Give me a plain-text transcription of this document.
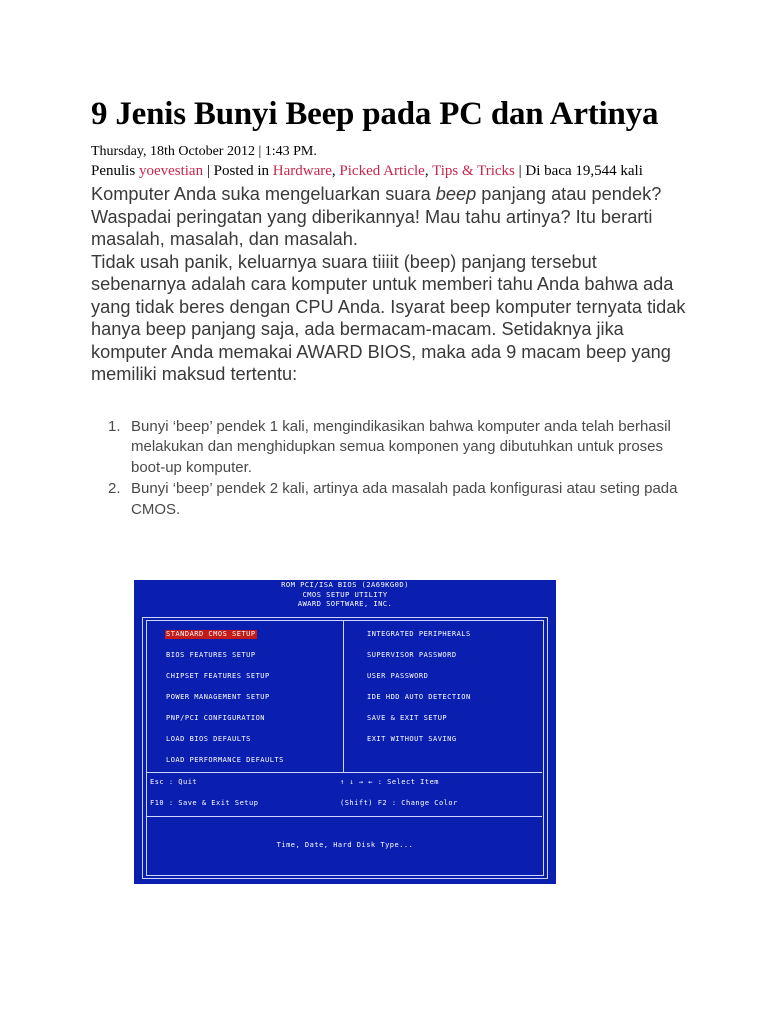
9 Jenis Bunyi Beep pada PC dan Artinya
Thursday, 18th October 2012 | 1:43 PM.
Penulis yoevestian | Posted in Hardware, Picked Article, Tips & Tricks | Di baca 19,544 kali

Komputer Anda suka mengeluarkan suara beep panjang atau pendek? Waspadai peringatan yang diberikannya! Mau tahu artinya? Itu berarti masalah, masalah, dan masalah.

Tidak usah panik, keluarnya suara tiiiit (beep) panjang tersebut sebenarnya adalah cara komputer untuk memberi tahu Anda bahwa ada yang tidak beres dengan CPU Anda. Isyarat beep komputer ternyata tidak hanya beep panjang saja, ada bermacam-macam. Setidaknya jika komputer Anda memakai AWARD BIOS, maka ada 9 macam beep yang memiliki maksud tertentu:

1. Bunyi ‘beep’ pendek 1 kali, mengindikasikan bahwa komputer anda telah berhasil melakukan dan menghidupkan semua komponen yang dibutuhkan untuk proses boot-up komputer.
2. Bunyi ‘beep’ pendek 2 kali, artinya ada masalah pada konfigurasi atau seting pada CMOS.
ROM PCI/ISA BIOS (2A69KG0D)
CMOS SETUP UTILITY
AWARD SOFTWARE, INC.
STANDARD CMOS SETUP
BIOS FEATURES SETUP
CHIPSET FEATURES SETUP
POWER MANAGEMENT SETUP
PNP/PCI CONFIGURATION
LOAD BIOS DEFAULTS
LOAD PERFORMANCE DEFAULTS
INTEGRATED PERIPHERALS
SUPERVISOR PASSWORD
USER PASSWORD
IDE HDD AUTO DETECTION
SAVE & EXIT SETUP
EXIT WITHOUT SAVING
Esc : Quit	↑ ↓ → ← : Select Item
F10 : Save & Exit Setup	(Shift) F2 : Change Color
Time, Date, Hard Disk Type...
